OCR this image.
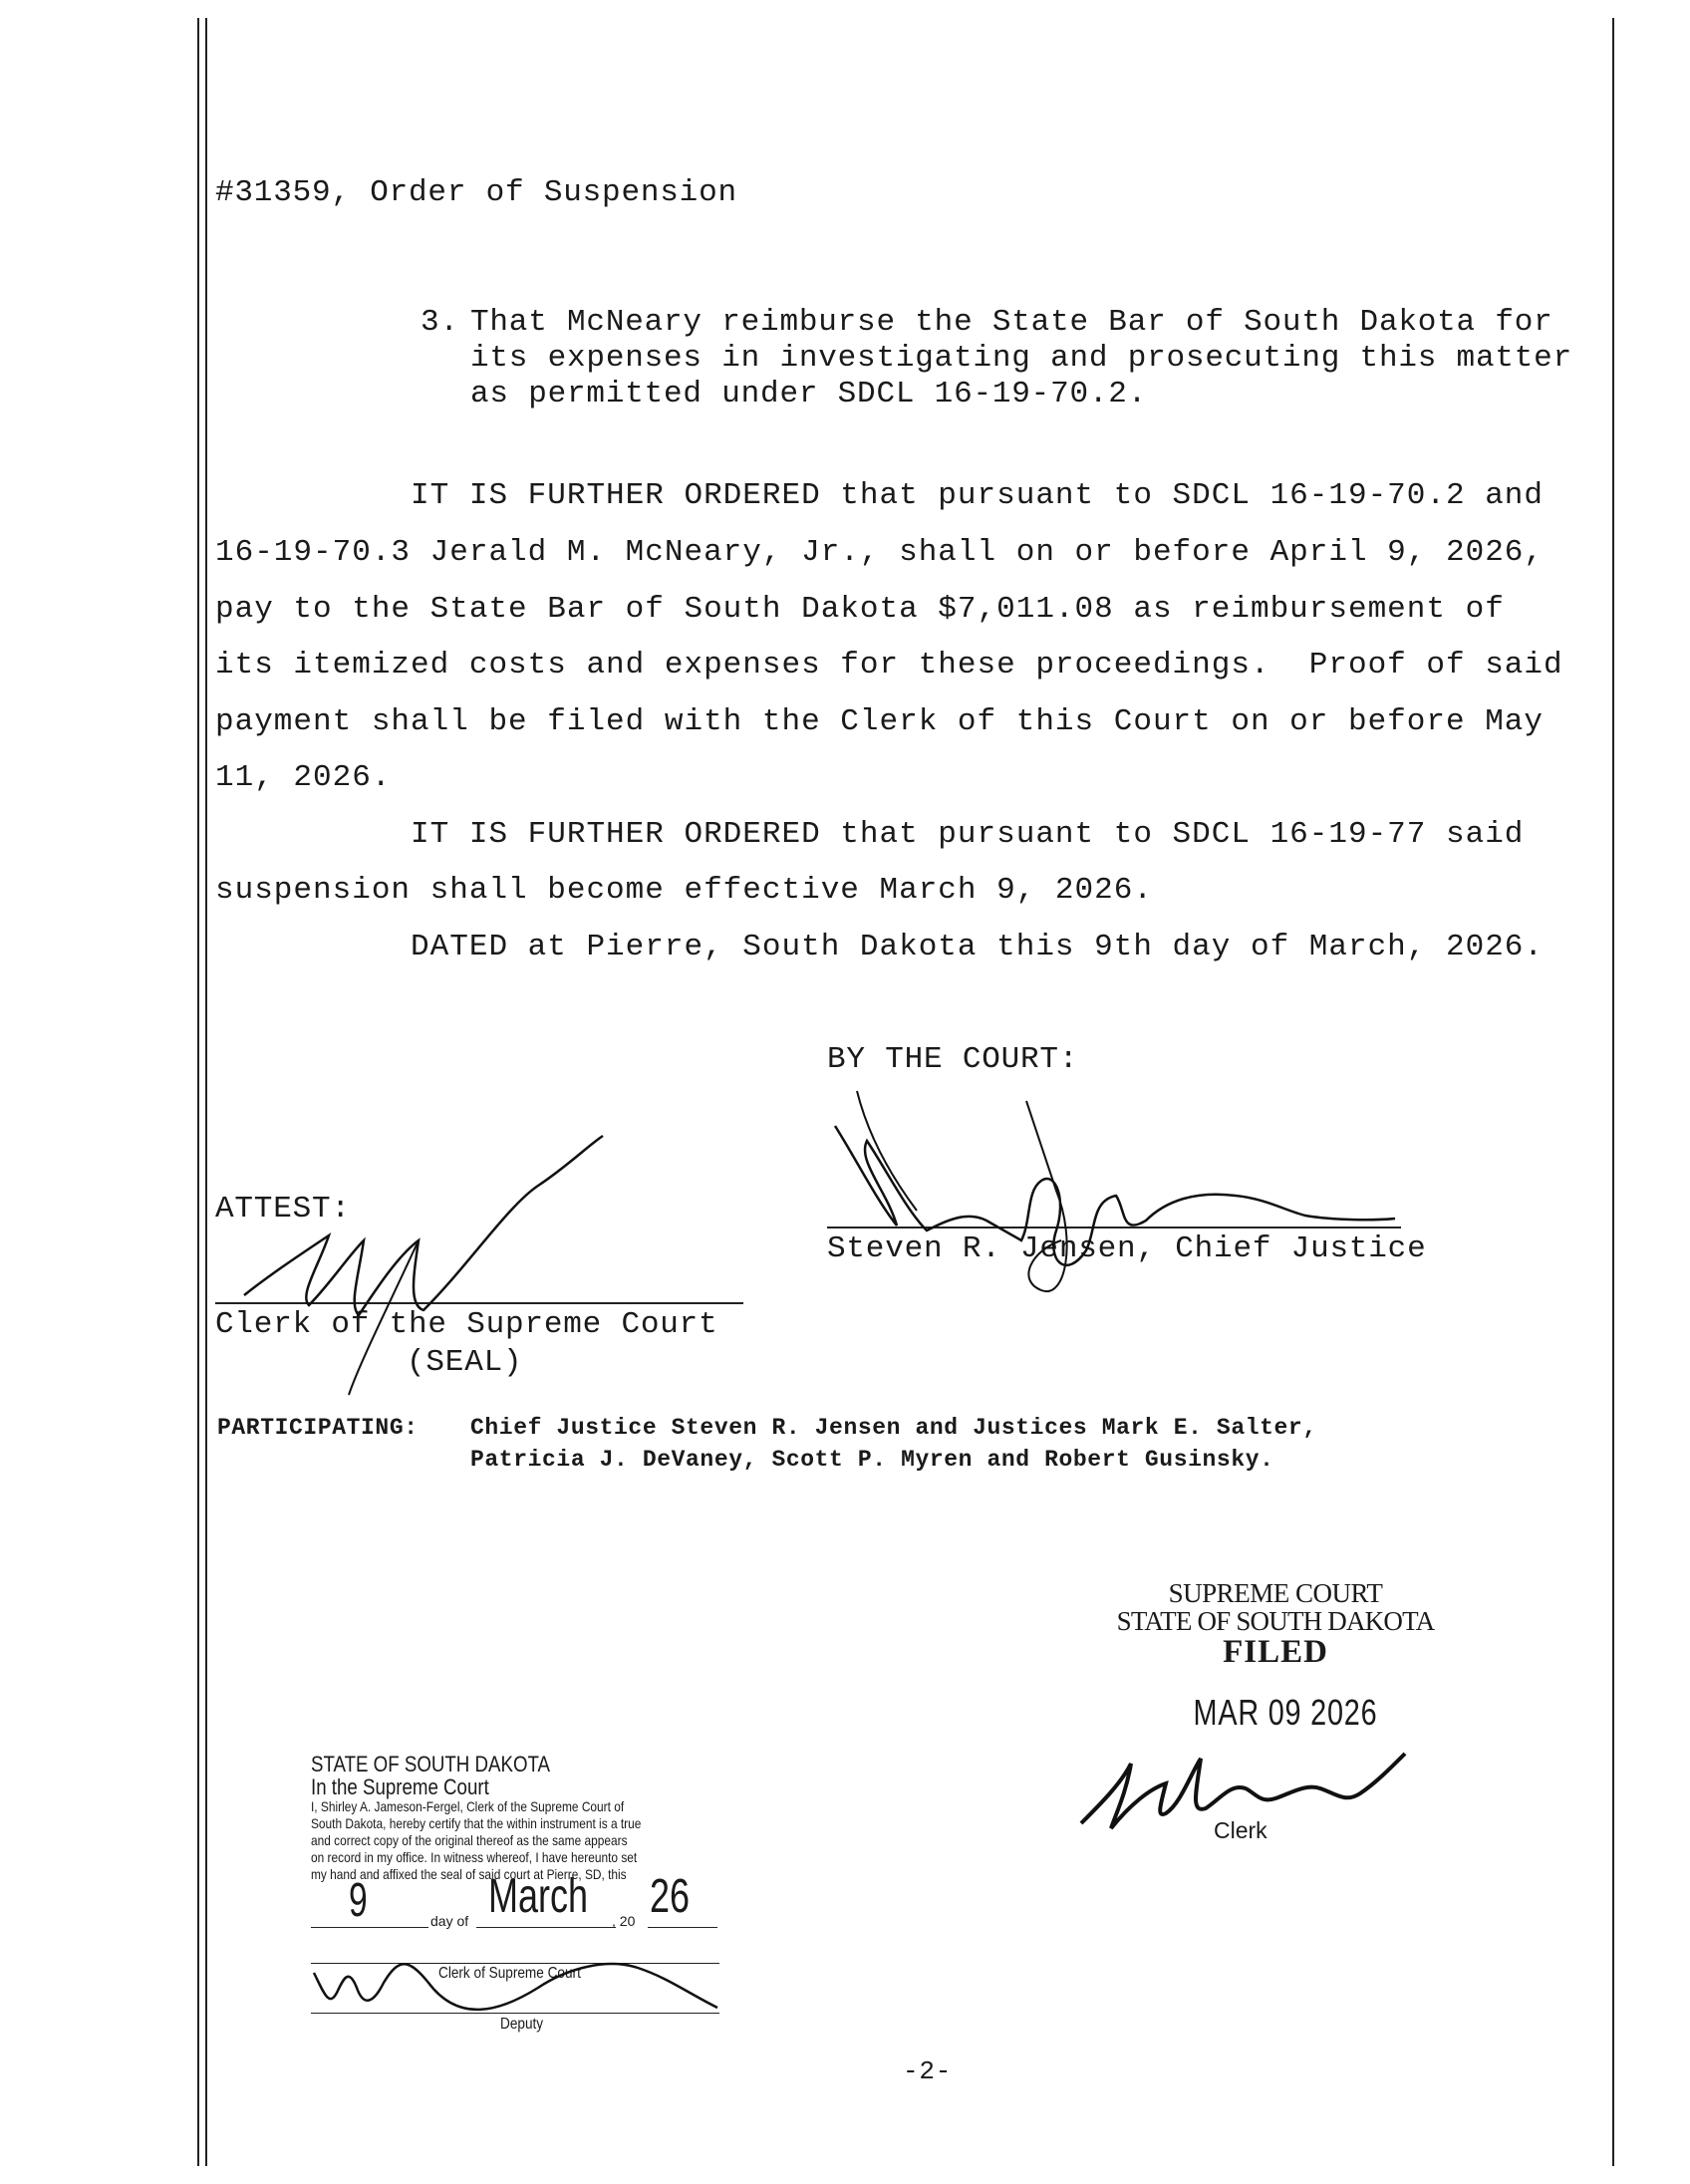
#31359, Order of Suspension
3. That McNeary reimburse the State Bar of South Dakota for
its expenses in investigating and prosecuting this matter
as permitted under SDCL 16-19-70.2.
IT IS FURTHER ORDERED that pursuant to SDCL 16-19-70.2 and
16-19-70.3 Jerald M. McNeary, Jr., shall on or before April 9, 2026,
pay to the State Bar of South Dakota $7,011.08 as reimbursement of
its itemized costs and expenses for these proceedings.  Proof of said
payment shall be filed with the Clerk of this Court on or before May
11, 2026.
IT IS FURTHER ORDERED that pursuant to SDCL 16-19-77 said
suspension shall become effective March 9, 2026.
DATED at Pierre, South Dakota this 9th day of March, 2026.
BY THE COURT:
Steven R. Jensen, Chief Justice
ATTEST:
Clerk of the Supreme Court
(SEAL)
PARTICIPATING: Chief Justice Steven R. Jensen and Justices Mark E. Salter,
Patricia J. DeVaney, Scott P. Myren and Robert Gusinsky.
SUPREME COURT
STATE OF SOUTH DAKOTA
FILED
MAR 09 2026
Clerk
STATE OF SOUTH DAKOTA
In the Supreme Court
I, Shirley A. Jameson-Fergel, Clerk of the Supreme Court of
South Dakota, hereby certify that the within instrument is a true
and correct copy of the original thereof as the same appears
on record in my office. In witness whereof, I have hereunto set
my hand and affixed the seal of said court at Pierre, SD, this
9	day of March , 20 26
Clerk of Supreme Court
Deputy
-2-
